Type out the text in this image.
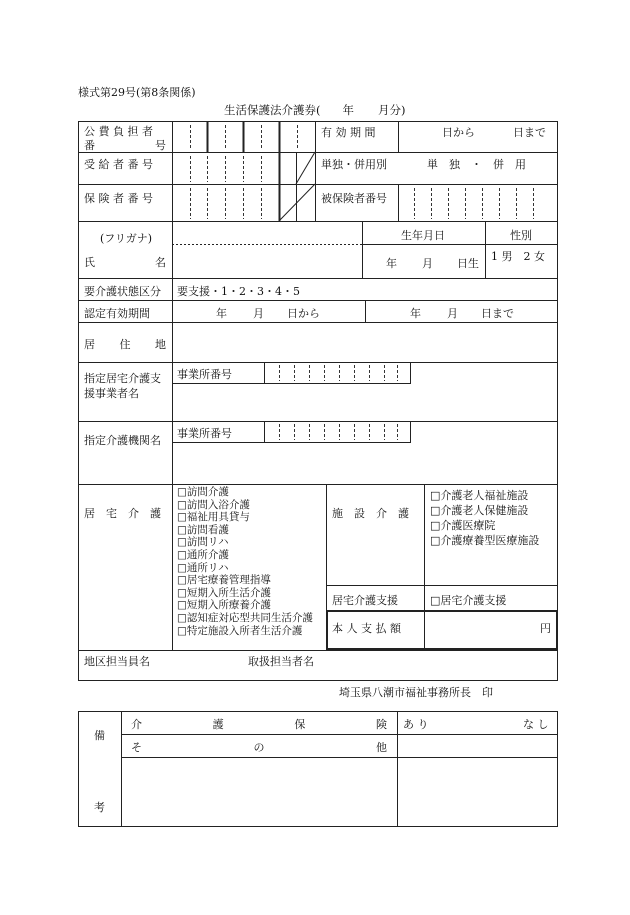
様式第29号(第8条関係)
生活保護法介護券( 年 月分)
公 費 負 担 者
番	号
有 効 期 間	日から	日まで
受 給 者 番 号	単独・併用別	単　独　・　併　用
保 険 者 番 号	被保険者番号
(フリガナ)
氏	名
生年月日
年 月 日生
性別
1 男　2 女
要介護状態区分 要支援・1・2・3・4・5
認定有効期間	年 月 日から	年 月 日まで
居 住 地
指定居宅介護支
援事業者名
事業所番号
指定介護機関名
事業所番号
居　宅　介　護
□ 訪問介護
□ 訪問入浴介護
□ 福祉用具貸与
□ 訪問看護
□ 訪問リハ
□ 通所介護
□ 通所リハ
□ 居宅療養管理指導
□ 短期入所生活介護
□ 短期入所療養介護
□ 認知症対応型共同生活介護
□ 特定施設入所者生活介護
施　設　介　護
□ 介護老人福祉施設
□ 介護老人保健施設
□ 介護医療院
□ 介護療養型医療施設
居宅介護支援
□	居宅介護支援
本 人 支 払 額	円
地区担当員名	取扱担当者名
埼玉県八潮市福祉事務所長　印
備
考
介	護	保	険 あ り	な し
そ	の	他
